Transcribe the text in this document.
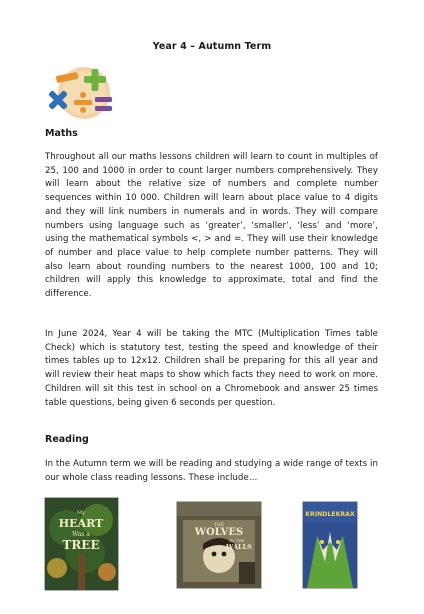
Year 4 – Autumn Term
Maths

Throughout all our maths lessons children will learn to count in multiples of 25, 100 and 1000 in order to count larger numbers comprehensively. They will learn about the relative size of numbers and complete number sequences within 10 000. Children will learn about place value to 4 digits and they will link numbers in numerals and in words. They will compare numbers using language such as ‘greater’, ‘smaller’, ‘less’ and ‘more’, using the mathematical symbols <, > and =. They will use their knowledge of number and place value to help complete number patterns. They will also learn about rounding numbers to the nearest 1000, 100 and 10; children will apply this knowledge to approximate, total and find the difference.

In June 2024, Year 4 will be taking the MTC (Multiplication Times table Check) which is statutory test, testing the speed and knowledge of their times tables up to 12x12. Children shall be preparing for this all year and will review their heat maps to show which facts they need to work on more. Children will sit this test in school on a Chromebook and answer 25 times table questions, being given 6 seconds per question.

Reading

In the Autumn term we will be reading and studying a wide range of texts in our whole class reading lessons. These include…

My
HEART
Was a
TREE
THE
WOLVES
IN THE
WALLS
KRINDLEKRAX
